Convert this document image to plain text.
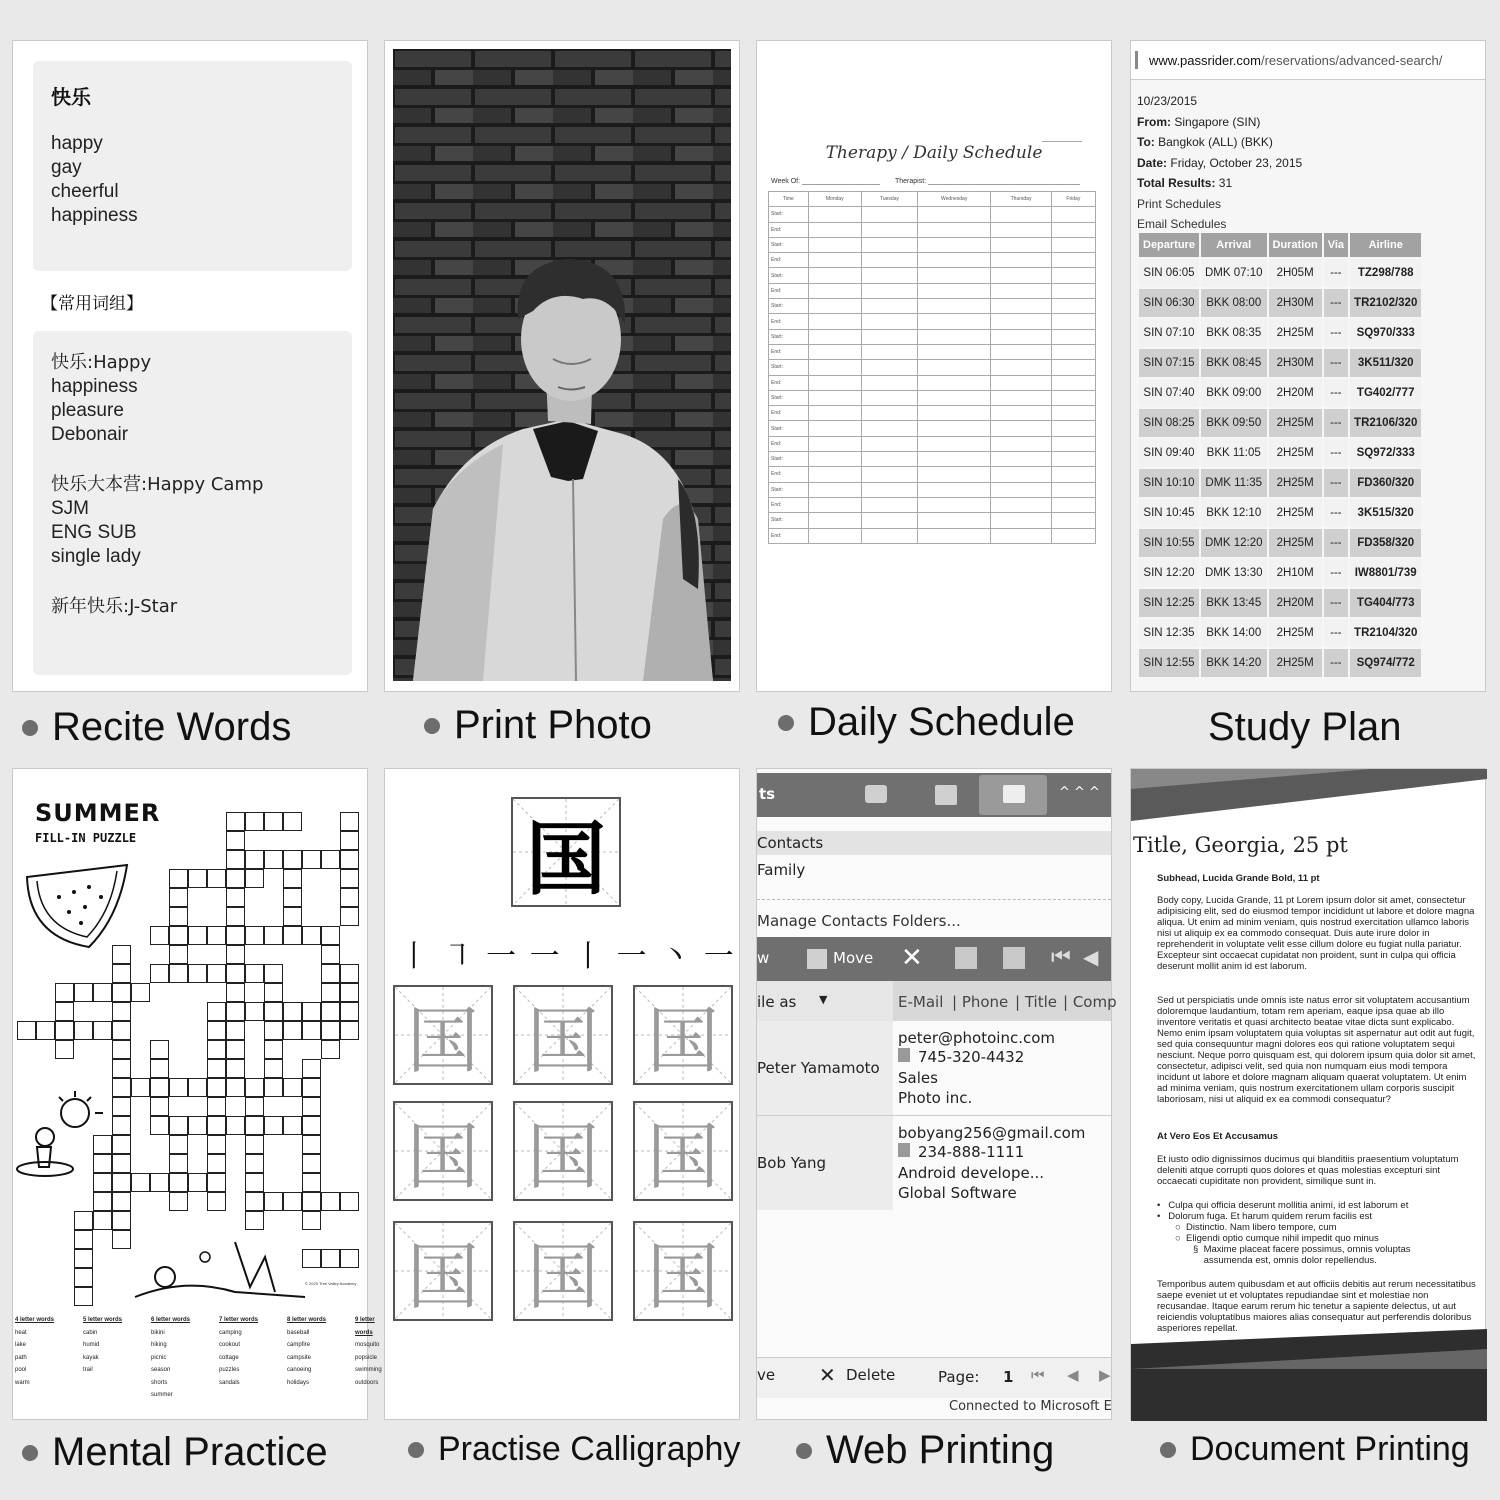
快乐
happy
gay
cheerful
happiness
【常用词组】
快乐:Happy
happiness
pleasure
Debonair
快乐大本营:Happy Camp
SJM
ENG SUB
single lady
新年快乐:J-Star
Recite Words	Print Photo
Therapy / Daily Schedule
Week Of: ____________________ Therapist: _______________________________________
Time	Monday	Tuesday	Wednesday	Thursday	Friday
Start:					
End:					
Start:					
End:					
Start:					
End:					
Start:					
End:					
Start:					
End:					
Start:					
End:					
Start:					
End:					
Start:					
End:					
Start:					
End:					
Start:					
End:					
Start:					
End:					
Daily Schedule
www.passrider.com/reservations/advanced-search/
10/23/2015
From: Singapore (SIN)
To: Bangkok (ALL) (BKK)
Date: Friday, October 23, 2015
Total Results: 31
Print Schedules
Email Schedules
Departure	Arrival	Duration	Via	Airline
SIN 06:05	DMK 07:10	2H05M	---	TZ298/788
SIN 06:30	BKK 08:00	2H30M	---	TR2102/320
SIN 07:10	BKK 08:35	2H25M	---	SQ970/333
SIN 07:15	BKK 08:45	2H30M	---	3K511/320
SIN 07:40	BKK 09:00	2H20M	---	TG402/777
SIN 08:25	BKK 09:50	2H25M	---	TR2106/320
SIN 09:40	BKK 11:05	2H25M	---	SQ972/333
SIN 10:10	DMK 11:35	2H25M	---	FD360/320
SIN 10:45	BKK 12:10	2H25M	---	3K515/320
SIN 10:55	DMK 12:20	2H25M	---	FD358/320
SIN 12:20	DMK 13:30	2H10M	---	IW8801/739
SIN 12:25	BKK 13:45	2H20M	---	TG404/773
SIN 12:35	BKK 14:00	2H25M	---	TR2104/320
SIN 12:55	BKK 14:20	2H25M	---	SQ974/772
Study Plan
SUMMER
FILL-IN PUZZLE
© 2020 Tree Valley Academy
4 letter words
heat
lake
path
pool
warm
5 letter words
cabin
humid
kayak
trail
6 letter words
bikini
hiking
picnic
season
shorts
summer
7 letter words
camping
cookout
cottage
puzzles
sandals
8 letter words
baseball
campfire
campsite
canoeing
holidays
9 letter words
mosquito
popsicle
swimming
outdoors
Mental Practice
国
丨 ㇕ 一 一 丨 一 丶 一
国 国 国
国 国 国
国 国 国
Practise Calligraphy
ts	^ ^ ^
Contacts
Family
Manage Contacts Folders...
w	Move ✕	⏮ ◀
ile as ▼	E-Mail | Phone | Title | Comp
Peter Yamamoto
peter@photoinc.com
745-320-4432
Sales
Photo inc.
Bob Yang
bobyang256@gmail.com
234-888-1111
Android develope...
Global Software
ve ✕ Delete	Page: 1 ⏮ ◀ ▶
Connected to Microsoft E
Web Printing
Title, Georgia, 25 pt
Subhead, Lucida Grande Bold, 11 pt
Body copy, Lucida Grande, 11 pt Lorem ipsum dolor sit amet, consectetur adipisicing elit, sed do eiusmod tempor incididunt ut labore et dolore magna aliqua. Ut enim ad minim veniam, quis nostrud exercitation ullamco laboris nisi ut aliquip ex ea commodo consequat. Duis aute irure dolor in reprehenderit in voluptate velit esse cillum dolore eu fugiat nulla pariatur. Excepteur sint occaecat cupidatat non proident, sunt in culpa qui officia deserunt mollit anim id est laborum.
Sed ut perspiciatis unde omnis iste natus error sit voluptatem accusantium doloremque laudantium, totam rem aperiam, eaque ipsa quae ab illo inventore veritatis et quasi architecto beatae vitae dicta sunt explicabo. Nemo enim ipsam voluptatem quia voluptas sit aspernatur aut odit aut fugit, sed quia consequuntur magni dolores eos qui ratione voluptatem sequi nesciunt. Neque porro quisquam est, qui dolorem ipsum quia dolor sit amet, consectetur, adipisci velit, sed quia non numquam eius modi tempora incidunt ut labore et dolore magnam aliquam quaerat voluptatem. Ut enim ad minima veniam, quis nostrum exercitationem ullam corporis suscipit laboriosam, nisi ut aliquid ex ea commodi consequatur?
At Vero Eos Et Accusamus
Et iusto odio dignissimos ducimus qui blanditiis praesentium voluptatum deleniti atque corrupti quos dolores et quas molestias excepturi sint occaecati cupiditate non provident, similique sunt in.
•   Culpa qui officia deserunt mollitia animi, id est laborum et
•   Dolorum fuga. Et harum quidem rerum facilis est
○  Distinctio. Nam libero tempore, cum
○  Eligendi optio cumque nihil impedit quo minus
§ Maxime placeat facere possimus, omnis voluptas assumenda est, omnis dolor repellendus.
Temporibus autem quibusdam et aut officiis debitis aut rerum necessitatibus saepe eveniet ut et voluptates repudiandae sint et molestiae non recusandae. Itaque earum rerum hic tenetur a sapiente delectus, ut aut reiciendis voluptatibus maiores alias consequatur aut perferendis doloribus asperiores repellat.
Document Printing
